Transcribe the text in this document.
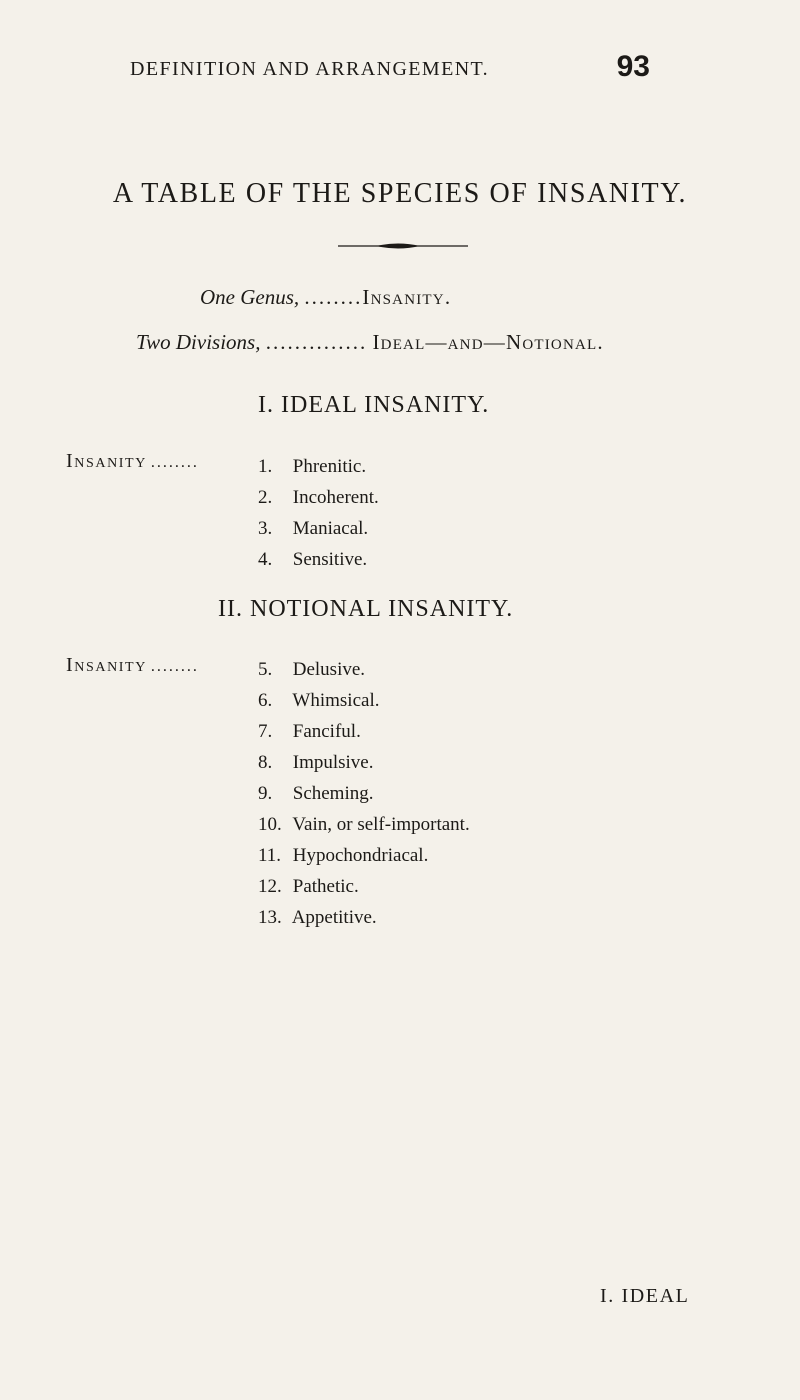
DEFINITION AND ARRANGEMENT.	93
A TABLE OF THE SPECIES OF INSANITY.
One Genus, ........Insanity.
Two Divisions, .............. Ideal—and—Notional.
I. IDEAL INSANITY.
Insanity ........	1. Phrenitic.
2. Incoherent.
3. Maniacal.
4. Sensitive.
II. NOTIONAL INSANITY.
Insanity ........	5. Delusive.
6. Whimsical.
7. Fanciful.
8. Impulsive.
9. Scheming.
10. Vain, or self-important.
11. Hypochondriacal.
12. Pathetic.
13. Appetitive.
I. IDEAL
